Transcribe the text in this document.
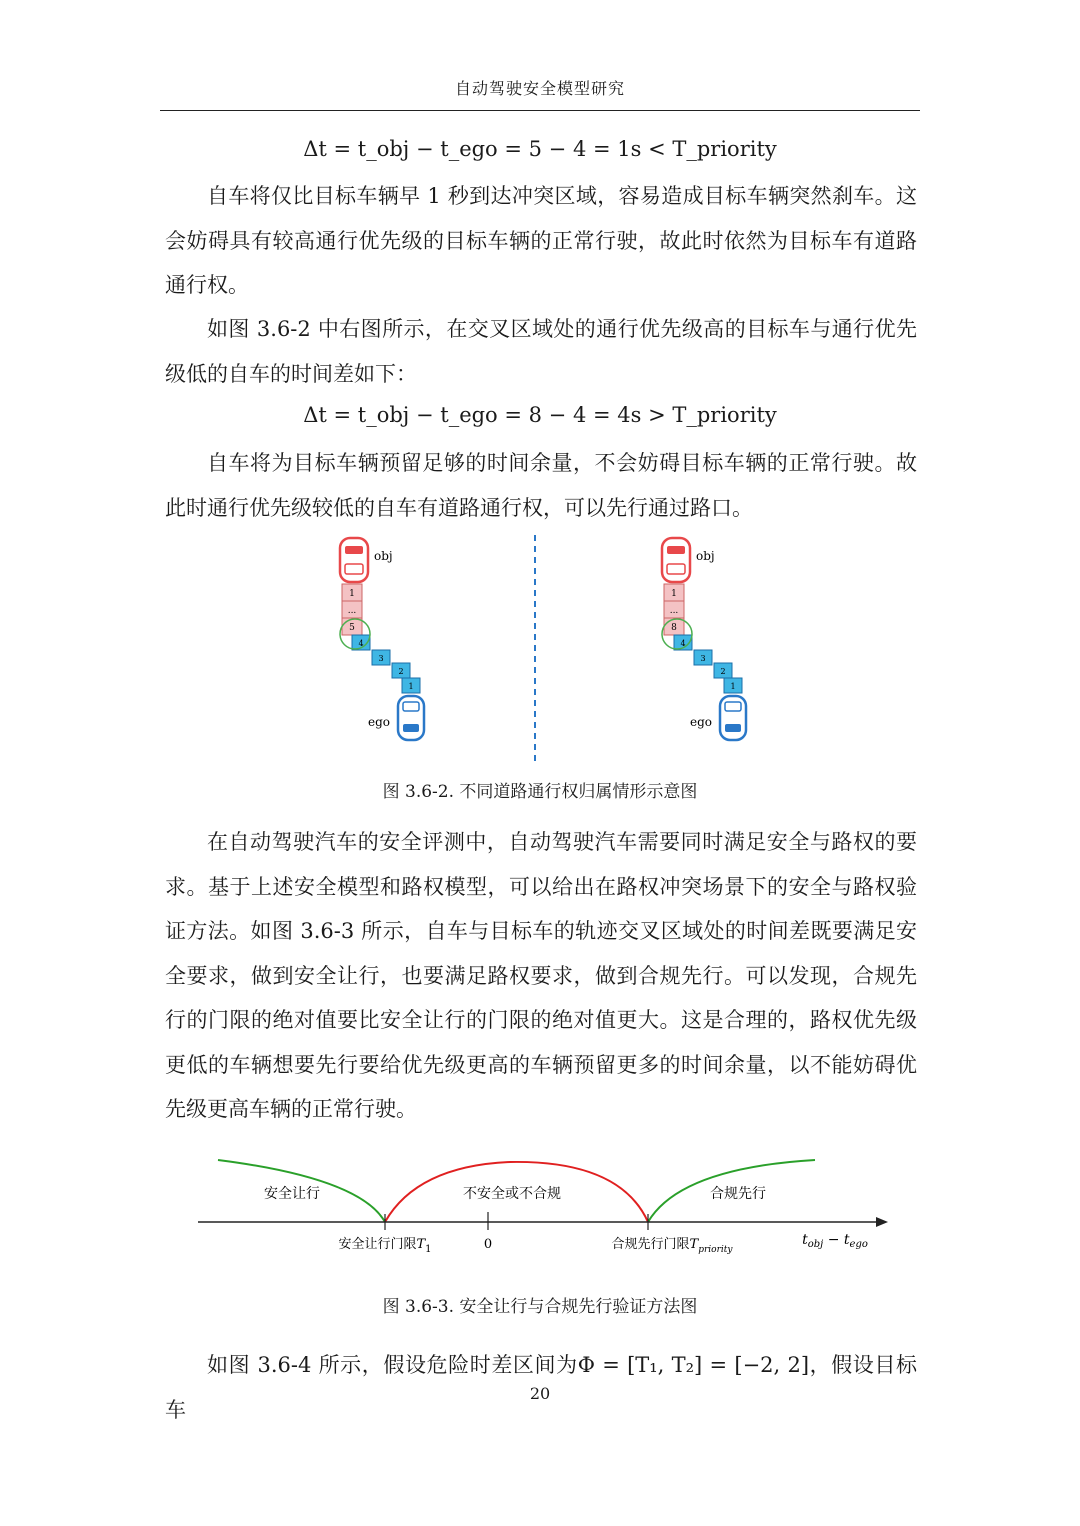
自动驾驶安全模型研究
Δt = t_obj − t_ego = 5 − 4 = 1s < T_priority
自车将仅比目标车辆早 1 秒到达冲突区域，容易造成目标车辆突然刹车。这会妨碍具有较高通行优先级的目标车辆的正常行驶，故此时依然为目标车有道路通行权。
如图 3.6-2 中右图所示，在交叉区域处的通行优先级高的目标车与通行优先级低的自车的时间差如下：
Δt = t_obj − t_ego = 8 − 4 = 4s > T_priority
自车将为目标车辆预留足够的时间余量，不会妨碍目标车辆的正常行驶。故此时通行优先级较低的自车有道路通行权，可以先行通过路口。
obj
1
...
5
4
3
2
1
ego
obj
1
...
8
4
3
2
1
ego
图 3.6-2. 不同道路通行权归属情形示意图
在自动驾驶汽车的安全评测中，自动驾驶汽车需要同时满足安全与路权的要求。基于上述安全模型和路权模型，可以给出在路权冲突场景下的安全与路权验证方法。如图 3.6-3 所示，自车与目标车的轨迹交叉区域处的时间差既要满足安全要求，做到安全让行，也要满足路权要求，做到合规先行。可以发现，合规先行的门限的绝对值要比安全让行的门限的绝对值更大。这是合理的，路权优先级更低的车辆想要先行要给优先级更高的车辆预留更多的时间余量，以不能妨碍优先级更高车辆的正常行驶。
安全让行	不安全或不合规	合规先行
安全让行门限$T_1$	0	合规先行门限$T_{priority}$
$t_{obj} - t_{ego}$
图 3.6-3. 安全让行与合规先行验证方法图
如图 3.6-4 所示，假设危险时差区间为Φ = [T₁, T₂] = [−2, 2]，假设目标车
20
